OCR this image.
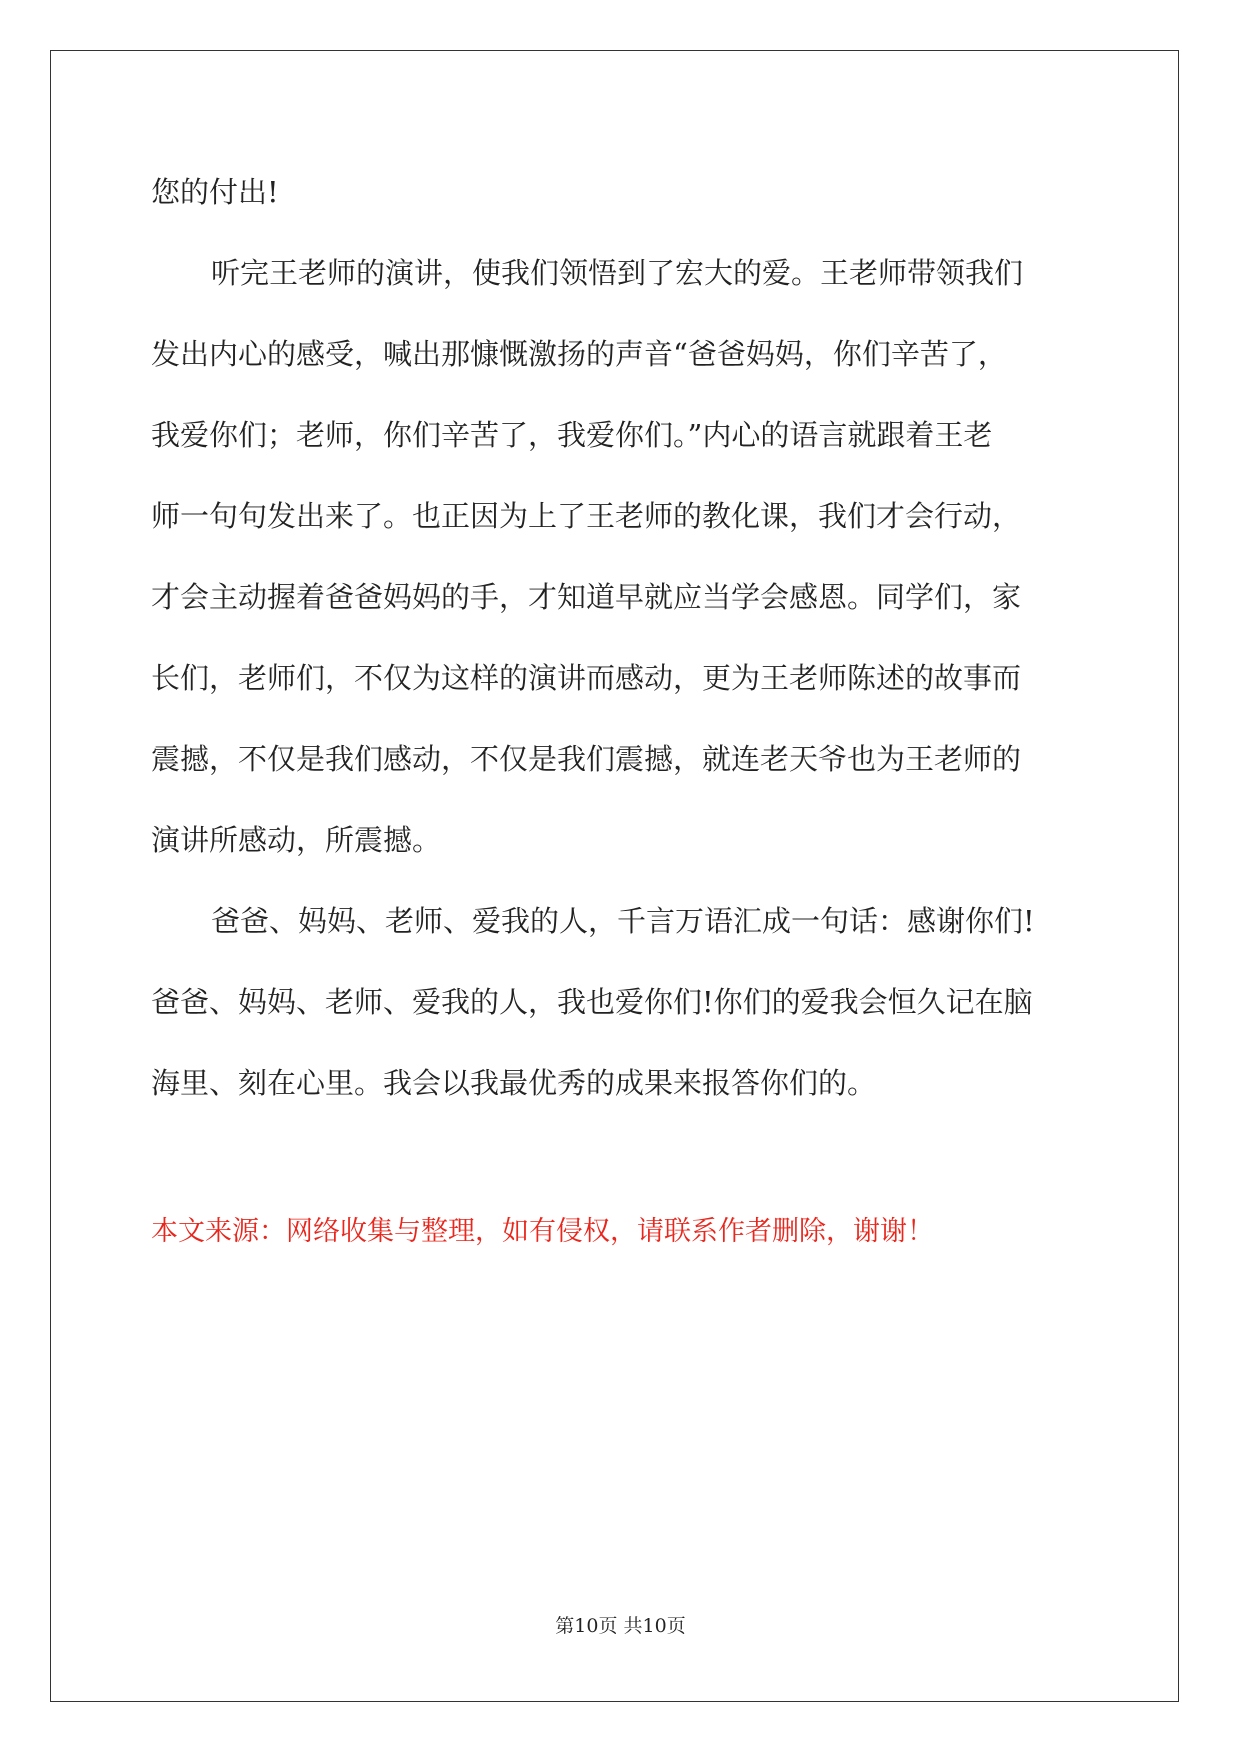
您的付出!
听完王老师的演讲，使我们领悟到了宏大的爱。王老师带领我们
发出内心的感受，喊出那慷慨激扬的声音“爸爸妈妈，你们辛苦了，
我爱你们；老师，你们辛苦了，我爱你们。”内心的语言就跟着王老
师一句句发出来了。也正因为上了王老师的教化课，我们才会行动，
才会主动握着爸爸妈妈的手，才知道早就应当学会感恩。同学们，家
长们，老师们，不仅为这样的演讲而感动，更为王老师陈述的故事而
震撼，不仅是我们感动，不仅是我们震撼，就连老天爷也为王老师的
演讲所感动，所震撼。
爸爸、妈妈、老师、爱我的人，千言万语汇成一句话：感谢你们!
爸爸、妈妈、老师、爱我的人，我也爱你们!你们的爱我会恒久记在脑
海里、刻在心里。我会以我最优秀的成果来报答你们的。
本文来源：网络收集与整理，如有侵权，请联系作者删除，谢谢！
第10页 共10页
